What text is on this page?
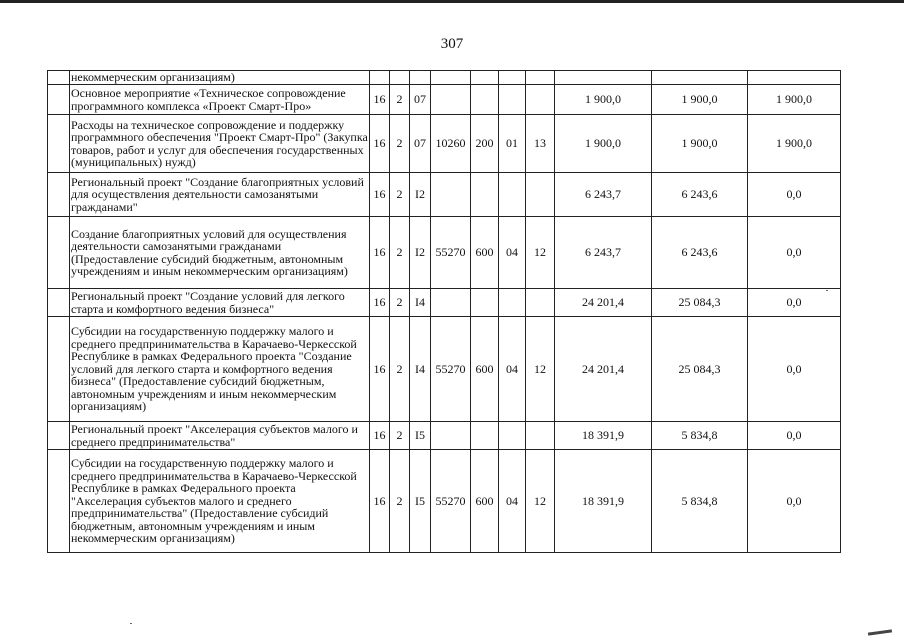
307
	некоммерческим организациям)										
	Основное мероприятие «Техническое сопровождение программного комплекса «Проект Смарт-Про»	16	2	07					1 900,0	1 900,0	1 900,0
	Расходы на техническое сопровождение и поддержку программного обеспечения "Проект Смарт-Про" (Закупка товаров, работ и услуг для обеспечения государственных (муниципальных) нужд)	16	2	07	10260	200	01	13	1 900,0	1 900,0	1 900,0
	Региональный проект "Создание благоприятных условий для осуществления деятельности самозанятыми гражданами"	16	2	I2					6 243,7	6 243,6	0,0
	Создание благоприятных условий для осуществления деятельности самозанятыми гражданами (Предоставление субсидий бюджетным, автономным учреждениям и иным некоммерческим организациям)	16	2	I2	55270	600	04	12	6 243,7	6 243,6	0,0
	Региональный проект "Создание условий для легкого старта и комфортного ведения бизнеса"	16	2	I4					24 201,4	25 084,3	0,0
	Субсидии на государственную поддержку малого и среднего предпринимательства в Карачаево-Черкесской Республике в рамках Федерального проекта "Создание условий для легкого старта и комфортного ведения бизнеса" (Предоставление субсидий бюджетным, автономным учреждениям и иным некоммерческим организациям)	16	2	I4	55270	600	04	12	24 201,4	25 084,3	0,0
	Региональный проект "Акселерация субъектов малого и среднего предпринимательства"	16	2	I5					18 391,9	5 834,8	0,0
	Субсидии на государственную поддержку малого и среднего предпринимательства в Карачаево-Черкесской Республике в рамках Федерального проекта "Акселерация субъектов малого и среднего предпринимательства" (Предоставление субсидий бюджетным, автономным учреждениям и иным некоммерческим организациям)	16	2	I5	55270	600	04	12	18 391,9	5 834,8	0,0
